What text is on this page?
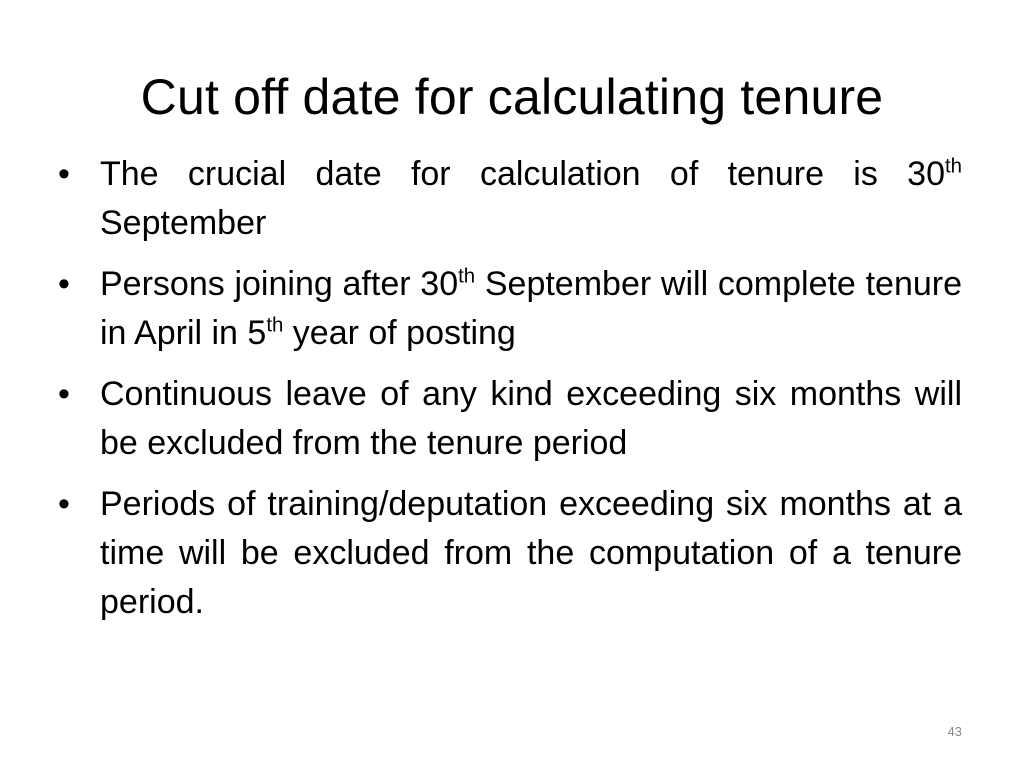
Cut off date for calculating tenure
• The crucial date for calculation of tenure is 30th September
• Persons joining after 30th September will complete tenure in April in 5th year of posting
• Continuous leave of any kind exceeding six months will be excluded from the tenure period
• Periods of training/deputation exceeding six months at a time will be excluded from the computation of a tenure period.
43
